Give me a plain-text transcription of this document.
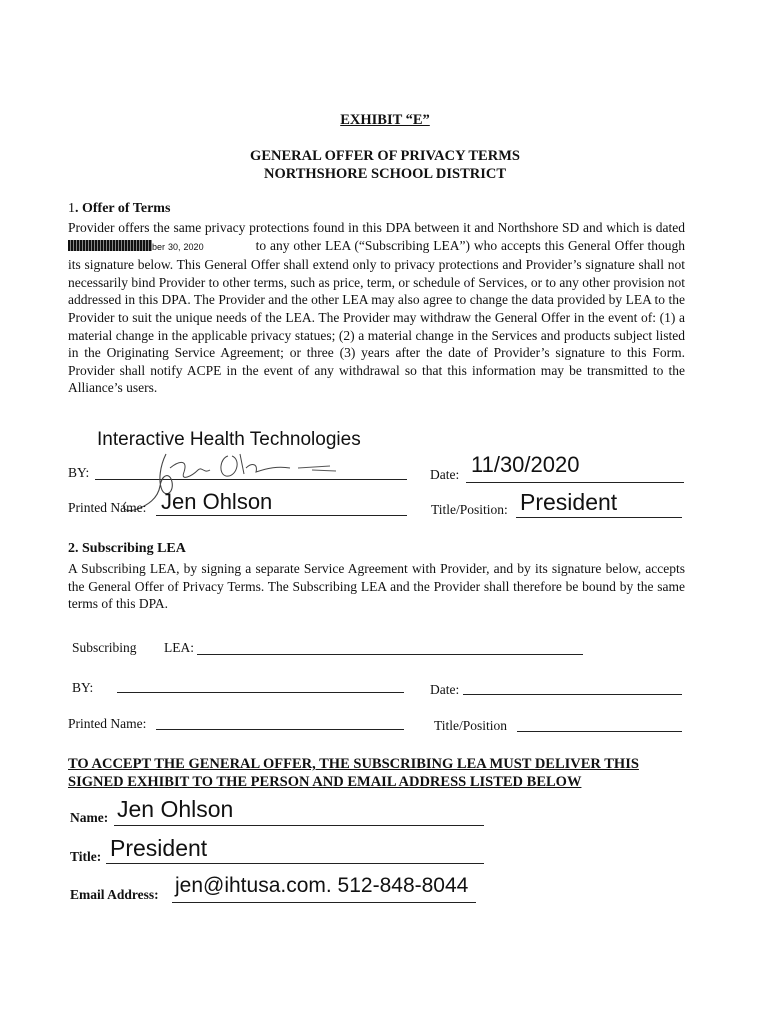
EXHIBIT “E”
GENERAL OFFER OF PRIVACY TERMS
NORTHSHORE SCHOOL DISTRICT
1. Offer of Terms
Provider offers the same privacy protections found in this DPA between it and Northshore SD and which is datedber 30, 2020	to any other LEA (“Subscribing LEA”) who accepts this General Offer though its signature below. This General Offer shall extend only to privacy protections and Provider’s signature shall not necessarily bind Provider to other terms, such as price, term, or schedule of Services, or to any other provision not addressed in this DPA. The Provider and the other LEA may also agree to change the data provided by LEA to the Provider to suit the unique needs of the LEA. The Provider may withdraw the General Offer in the event of: (1) a material change in the applicable privacy statues; (2) a material change in the Services and products subject listed in the Originating Service Agreement; or three (3) years after the date of Provider’s signature to this Form. Provider shall notify ACPE in the event of any withdrawal so that this information may be transmitted to the Alliance’s users.
Interactive Health Technologies
BY:	Date: 11/30/2020
Printed Name: Jen Ohlson	Title/Position: President
2. Subscribing LEA
A Subscribing LEA, by signing a separate Service Agreement with Provider, and by its signature below, accepts the General Offer of Privacy Terms. The Subscribing LEA and the Provider shall therefore be bound by the same terms of this DPA.
Subscribing LEA:
BY:	Date:
Printed Name:	Title/Position
TO ACCEPT THE GENERAL OFFER, THE SUBSCRIBING LEA MUST DELIVER THIS
SIGNED EXHIBIT TO THE PERSON AND EMAIL ADDRESS LISTED BELOW
Name: Jen Ohlson
Title: President
Email Address: jen@ihtusa.com. 512-848-8044
